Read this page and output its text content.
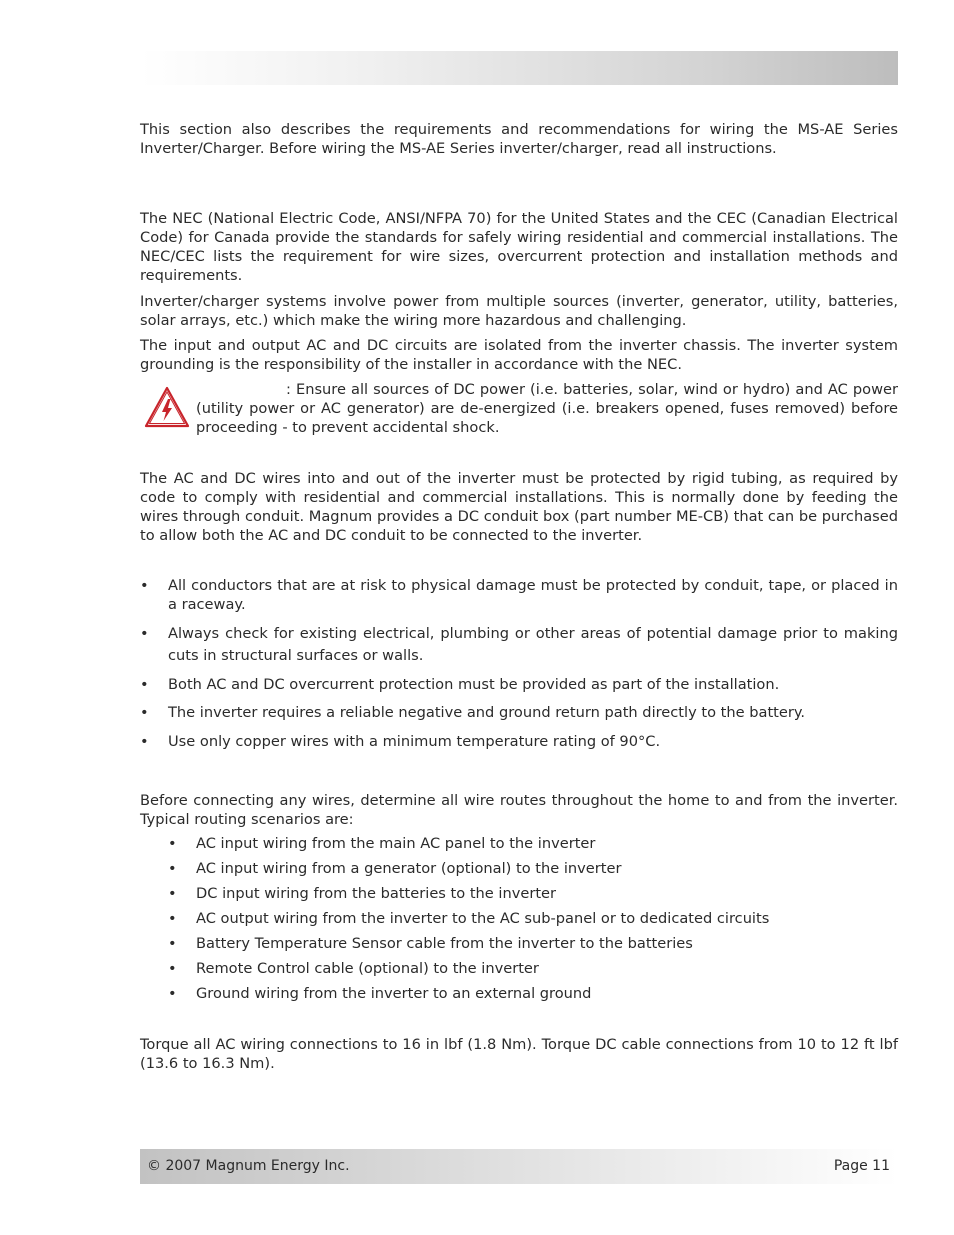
This section also describes the requirements and recommendations for wiring the MS-AE Series Inverter/Charger. Before wiring the MS-AE Series inverter/charger, read all instructions.

The NEC (National Electric Code, ANSI/NFPA 70) for the United States and the CEC (Canadian Electrical Code) for Canada provide the standards for safely wiring residential and commercial installations. The NEC/CEC lists the requirement for wire sizes, overcurrent protection and installation methods and requirements.

Inverter/charger systems involve power from multiple sources (inverter, generator, utility, batteries, solar arrays, etc.) which make the wiring more hazardous and challenging.

The input and output AC and DC circuits are isolated from the inverter chassis. The inverter system grounding is the responsibility of the installer in accordance with the NEC.

: Ensure all sources of DC power (i.e. batteries, solar, wind or hydro) and AC power (utility power or AC generator) are de-energized (i.e. breakers opened, fuses removed) before proceeding - to prevent accidental shock.

The AC and DC wires into and out of the inverter must be protected by rigid tubing, as required by code to comply with residential and commercial installations. This is normally done by feeding the wires through conduit. Magnum provides a DC conduit box (part number ME-CB) that can be purchased to allow both the AC and DC conduit to be connected to the inverter.

• All conductors that are at risk to physical damage must be protected by conduit, tape, or placed in a raceway.
• Always check for existing electrical, plumbing or other areas of potential damage prior to making cuts in structural surfaces or walls.
• Both AC and DC overcurrent protection must be provided as part of the installation.
• The inverter requires a reliable negative and ground return path directly to the battery.
• Use only copper wires with a minimum temperature rating of 90°C.

Before connecting any wires, determine all wire routes throughout the home to and from the inverter. Typical routing scenarios are:

• AC input wiring from the main AC panel to the inverter
• AC input wiring from a generator (optional) to the inverter
• DC input wiring from the batteries to the inverter
• AC output wiring from the inverter to the AC sub-panel or to dedicated circuits
• Battery Temperature Sensor cable from the inverter to the batteries
• Remote Control cable (optional) to the inverter
• Ground wiring from the inverter to an external ground

Torque all AC wiring connections to 16 in lbf (1.8 Nm). Torque DC cable connections from 10 to 12 ft lbf (13.6 to 16.3 Nm).

© 2007 Magnum Energy Inc.	Page 11
